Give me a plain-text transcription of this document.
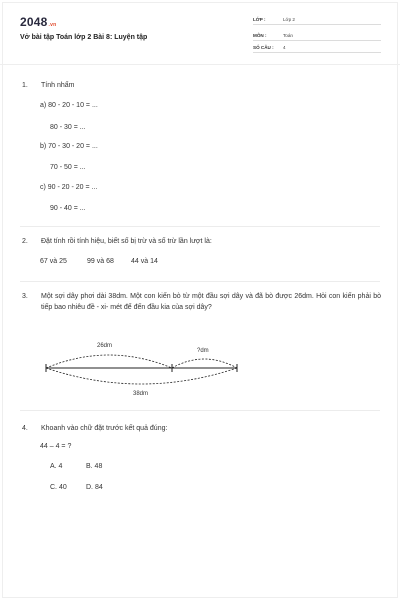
2048.vn
Vở bài tập Toán lớp 2 Bài 8: Luyện tập
LỚP :	Lớp 2
MÔN :	Toán
SỐ CÂU : 4
1. Tính nhẩm
a) 80 - 20 - 10 = ...
80 - 30 = ...
b) 70 - 30 - 20 = ...
70 - 50 = ...
c) 90 - 20 - 20 = ...
90 - 40 = ...
2. Đặt tính rồi tính hiệu, biết số bị trừ và số trừ lần lượt là:
67 và 25	99 và 68 44 và 14
3. Một sợi dây phơi dài 38dm. Một con kiến bò từ một đầu sợi dây và đã bò được 26dm. Hỏi con kiến phải bò tiếp bao nhiêu đề - xi- mét để đến đầu kia của sợi dây?
26dm
?dm
38dm
4. Khoanh vào chữ đặt trước kết quả đúng:
44 – 4 = ?
A. 4	B. 48
C. 40	D. 84
